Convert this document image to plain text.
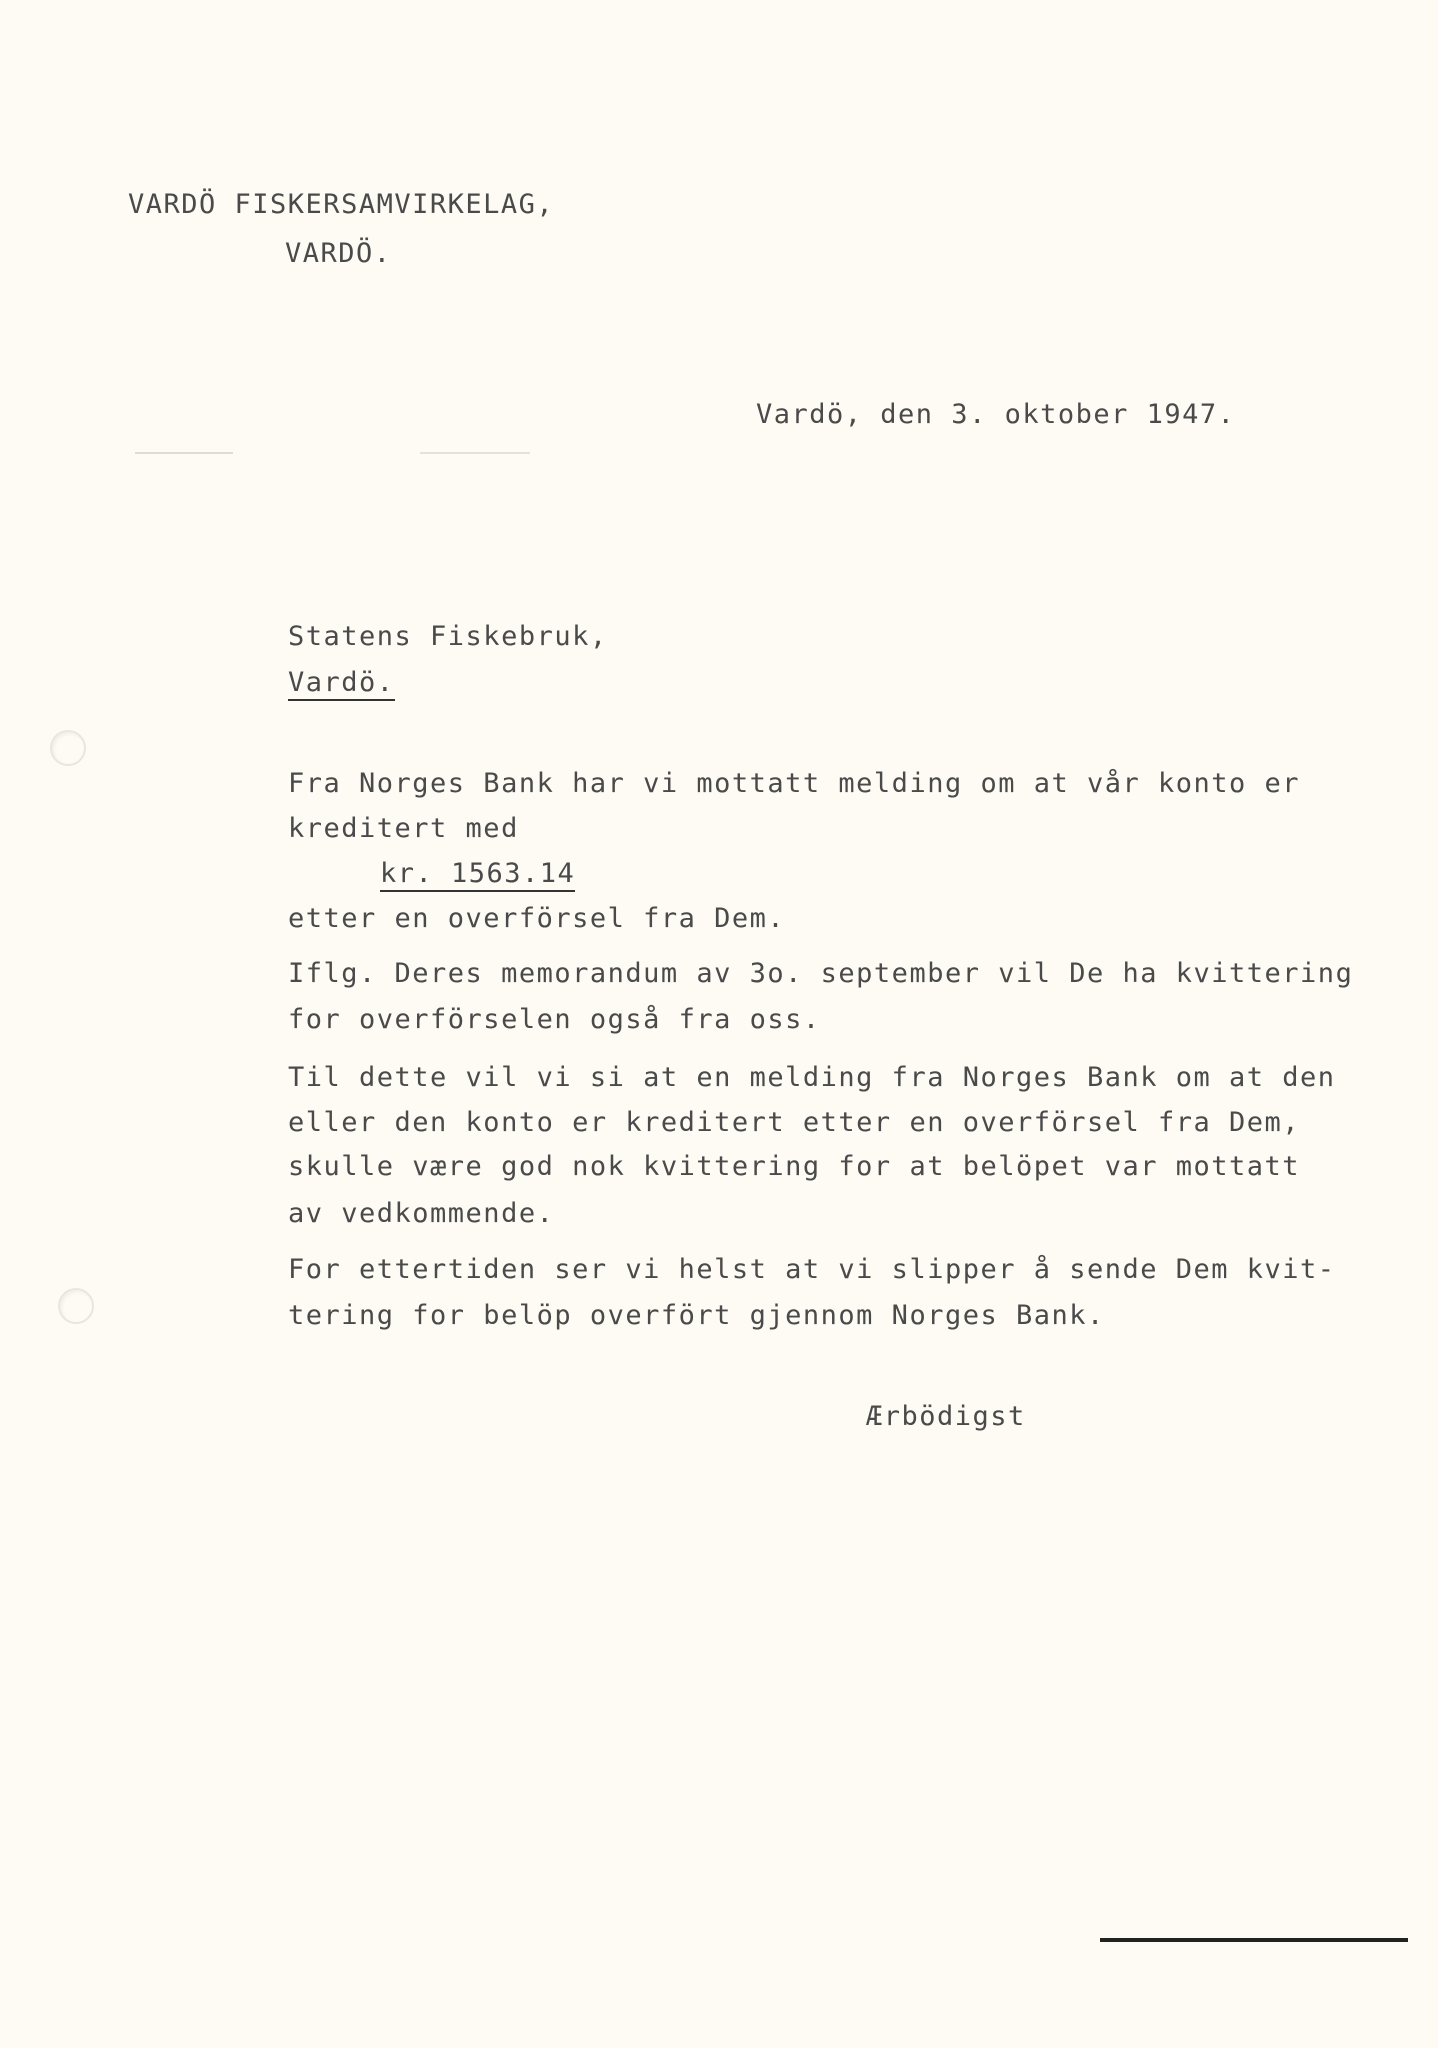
VARDÖ FISKERSAMVIRKELAG,
VARDÖ.
Vardö, den 3. oktober 1947.
Statens Fiskebruk,
Vardö.
Fra Norges Bank har vi mottatt melding om at vår konto er
kreditert med
kr. 1563.14
etter en overförsel fra Dem.
Iflg. Deres memorandum av 3o. september vil De ha kvittering
for overförselen også fra oss.
Til dette vil vi si at en melding fra Norges Bank om at den
eller den konto er kreditert etter en overförsel fra Dem,
skulle være god nok kvittering for at belöpet var mottatt
av vedkommende.
For ettertiden ser vi helst at vi slipper å sende Dem kvit-
tering for belöp overfört gjennom Norges Bank.
Ærbödigst
